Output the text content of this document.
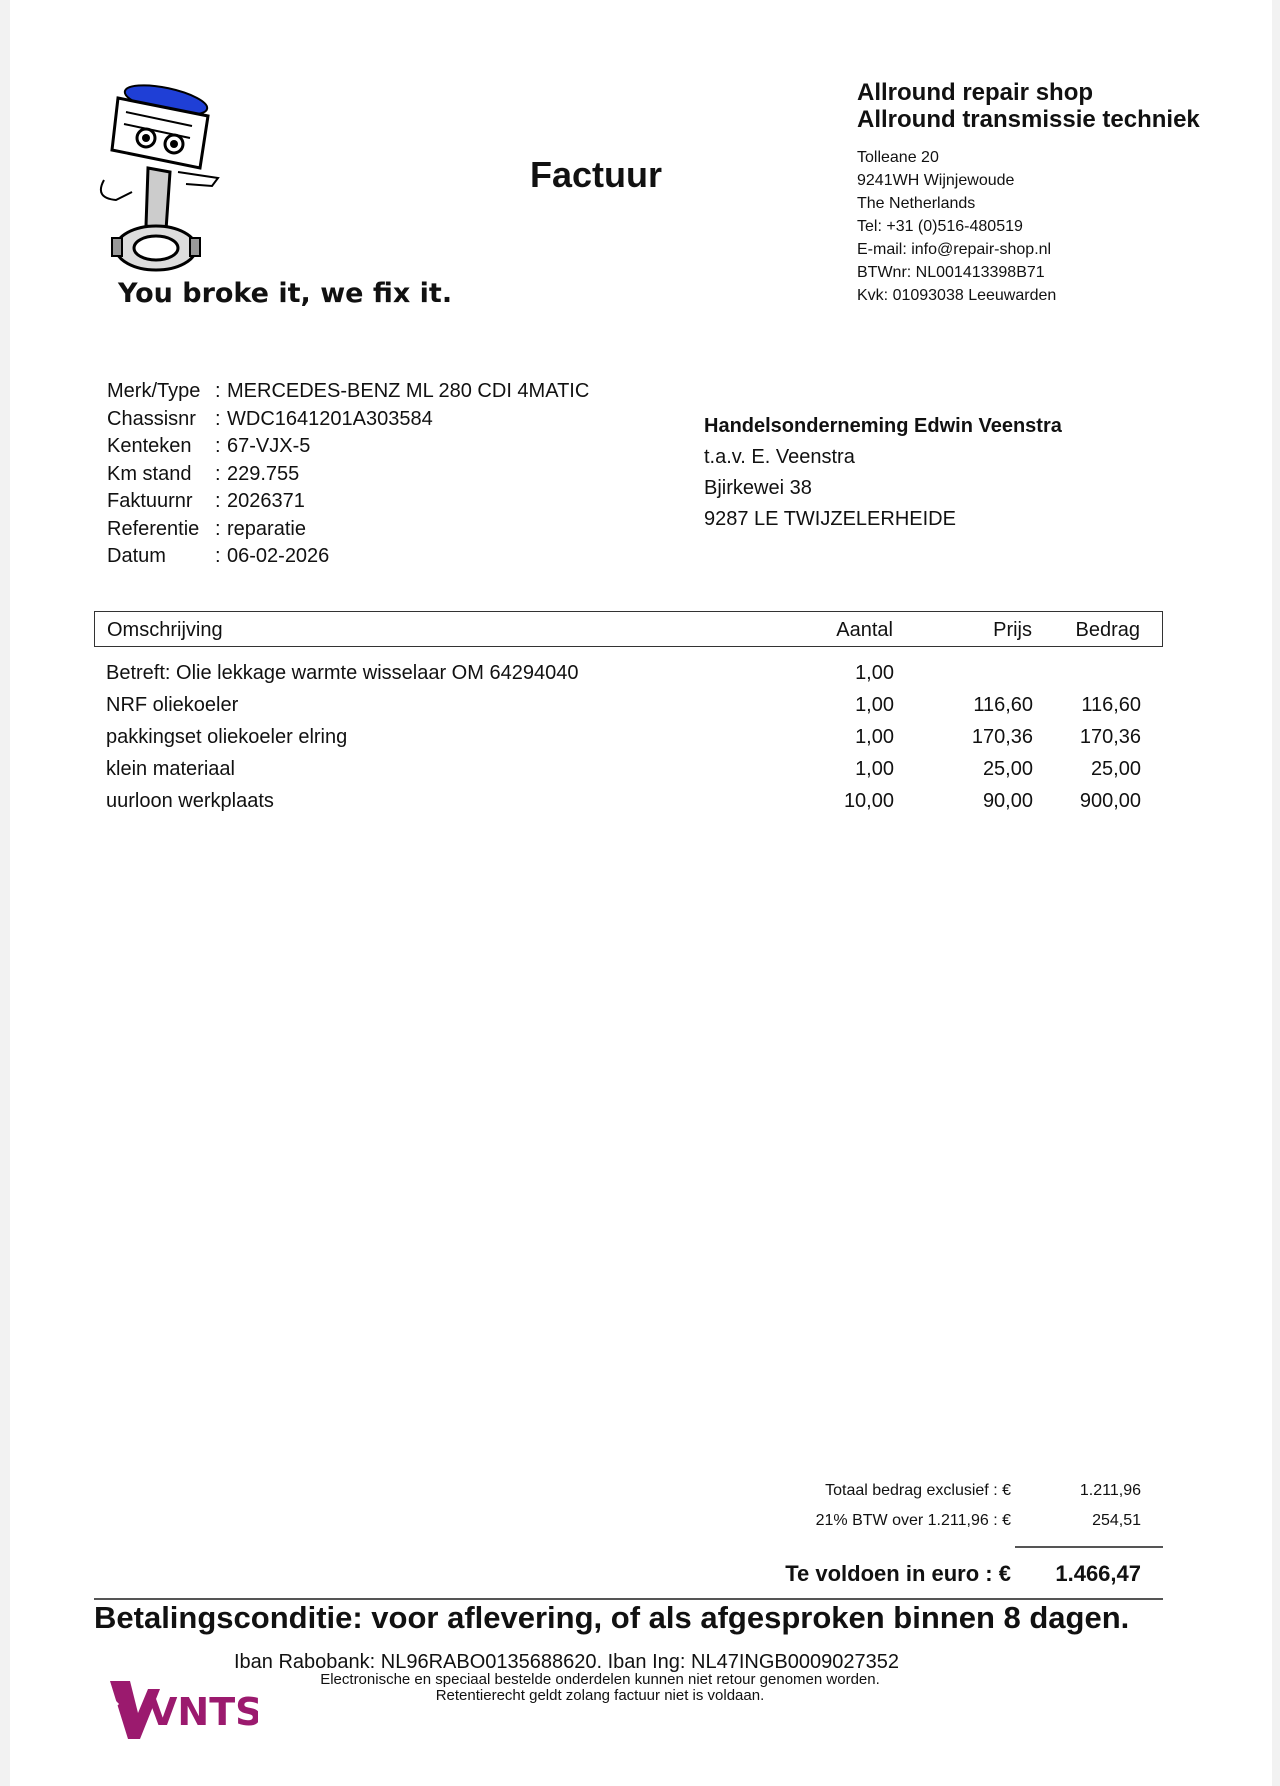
You broke it, we fix it.
Factuur
Allround repair shop
Allround transmissie techniek
Tolleane 20
9241WH Wijnjewoude
The Netherlands
Tel: +31 (0)516-480519
E-mail: info@repair-shop.nl
BTWnr: NL001413398B71
Kvk: 01093038 Leeuwarden
Merk/Type : MERCEDES-BENZ ML 280 CDI 4MATIC
Chassisnr : WDC1641201A303584
Kenteken	: 67-VJX-5
Km stand	: 229.755
Faktuurnr	: 2026371
Referentie : reparatie
Datum	: 06-02-2026
Handelsonderneming Edwin Veenstra
t.a.v. E. Veenstra
Bjirkewei 38
9287 LE TWIJZELERHEIDE
Omschrijving	Aantal	Prijs Bedrag
Betreft: Olie lekkage warmte wisselaar OM 64294040	1,00
NRF oliekoeler	1,00	116,60 116,60
pakkingset oliekoeler elring	1,00	170,36 170,36
klein materiaal	1,00	25,00	25,00
uurloon werkplaats	10,00	90,00 900,00
Totaal bedrag exclusief : €	1.211,96
21% BTW over 1.211,96 : €	254,51
Te voldoen in euro : € 1.466,47
Betalingsconditie: voor aflevering, of als afgesproken binnen 8 dagen.
Iban Rabobank: NL96RABO0135688620. Iban Ing: NL47INGB0009027352
Electronische en speciaal bestelde onderdelen kunnen niet retour genomen worden.
Retentierecht geldt zolang factuur niet is voldaan.
VNTS
